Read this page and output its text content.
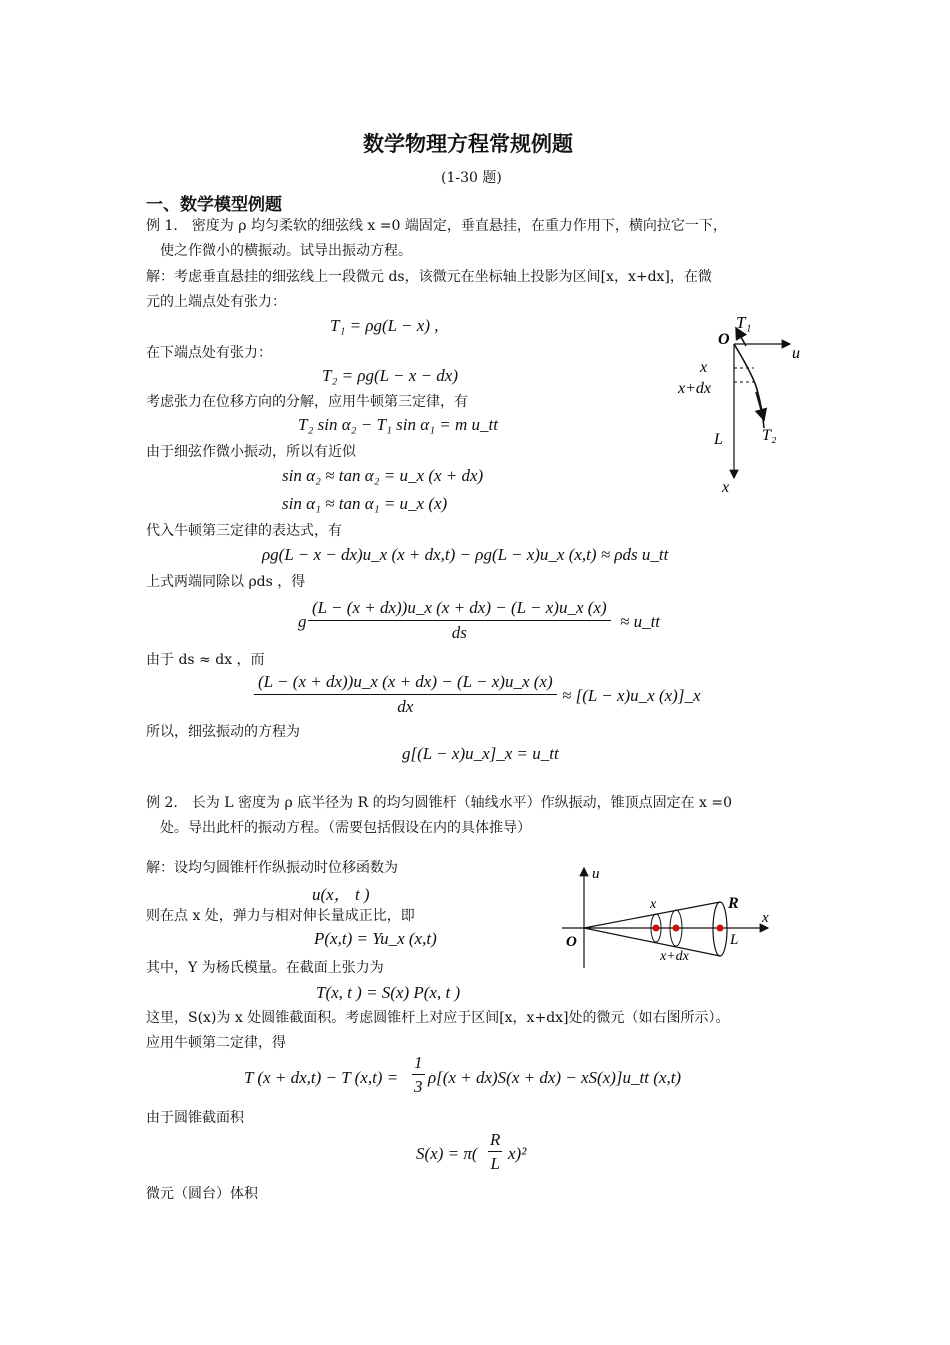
数学物理方程常规例题
(1-30 题)
一、数学模型例题
例 1.　密度为 ρ 均匀柔软的细弦线 x =0 端固定，垂直悬挂，在重力作用下，横向拉它一下，
使之作微小的横振动。试导出振动方程。
解：考虑垂直悬挂的细弦线上一段微元 ds，该微元在坐标轴上投影为区间[x，x+dx]，在微
元的上端点处有张力：
T₁ = ρg(L − x) ,
在下端点处有张力：
T₂ = ρg(L − x − dx)
考虑张力在位移方向的分解，应用牛顿第三定律，有
T₂ sin α₂ − T₁ sin α₁ = m u_tt
由于细弦作微小振动，所以有近似
sin α₂ ≈ tan α₂ = u_x (x + dx)
sin α₁ ≈ tan α₁ = u_x (x)
代入牛顿第三定律的表达式，有
ρg(L − x − dx)u_x (x + dx,t) − ρg(L − x)u_x (x,t) ≈ ρds u_tt
上式两端同除以 ρds ，得
g $\frac{(L - (x + dx))u\_x (x + dx) - (L - x)u\_x (x)}{ds}$ ≈ u_tt
由于 ds ≈ dx ，而
$\frac{(L - (x + dx))u\_x (x + dx) - (L - x)u\_x (x)}{dx} \approx [(L$ − x)u_x (x)]_x
所以，细弦振动的方程为
g[(L − x)u_x]_x = u_tt
T₁
O
u
x
x+dx
L T₂
x
例 2.　长为 L 密度为 ρ 底半径为 R 的均匀圆锥杆（轴线水平）作纵振动，锥顶点固定在 x =0
处。导出此杆的振动方程。（需要包括假设在内的具体推导）
解：设均匀圆锥杆作纵振动时位移函数为
u(x， t )
则在点 x 处，弹力与相对伸长量成正比，即
P(x,t) = Yu_x (x,t)
其中，Y 为杨氏模量。在截面上张力为
T(x, t ) = S(x) P(x, t )
这里，S(x)为 x 处圆锥截面积。考虑圆锥杆上对应于区间[x，x+dx]处的微元（如右图所示）。
应用牛顿第二定律，得
T (x + dx,t) − T $(x,t) = \frac{1}{3} \rho[(x + dx)S(x + dx)$ − xS(x)]u_tt (x,t)
由于圆锥截面积
$S(x) = \pi( \frac{R}{L} x)^2$
微元（圆台）体积
u
x	R
x
O	L
x+dx
